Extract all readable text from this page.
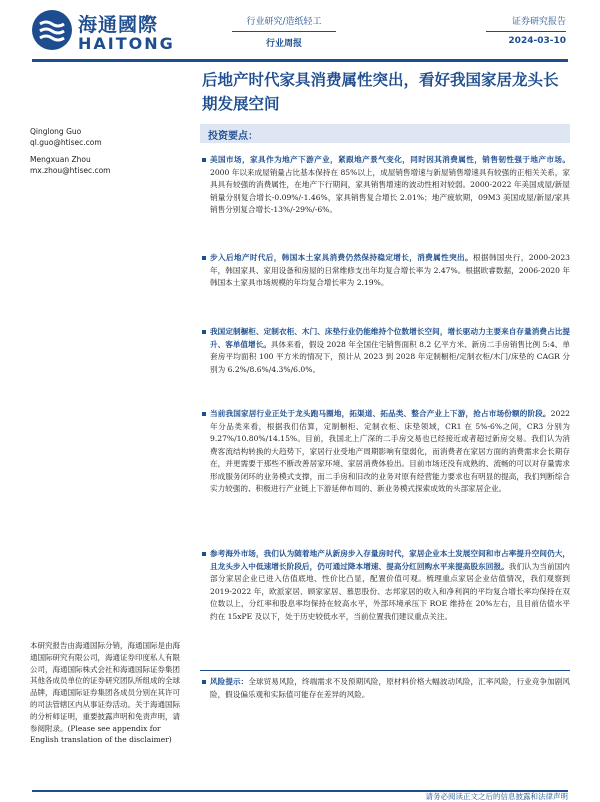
海通國際
HAITONG
行业研究/造纸轻工
行业周报
证券研究报告
2024-03-10
后地产时代家具消费属性突出，看好我国家居龙头长期发展空间
Qinglong Guo
ql.guo@htisec.com
Mengxuan Zhou
mx.zhou@htisec.com
投资要点：
美国市场，家具作为地产下游产业，紧跟地产景气变化，同时因其消费属性，销售韧性强于地产市场。2000 年以来成屋销量占比基本保持在 85%以上，成屋销售增速与新屋销售增速具有较强的正相关关系，家具具有较强的消费属性，在地产下行期间，家具销售增速的波动性相对较弱。2000-2022 年美国成屋/新屋销量分别复合增长-0.09%/-1.46%，家具销售复合增长 2.01%；地产疲软期，09M3 美国成屋/新屋/家具销售分别复合增长-13%/-29%/-6%。
步入后地产时代后，韩国本土家具消费仍然保持稳定增长，消费属性突出。根据韩国央行，2000-2023 年，韩国家具、家用设备和房屋的日常维修支出年均复合增长率为 2.47%。根据欧睿数据，2006-2020 年韩国本土家具市场规模的年均复合增长率为 2.19%。
我国定制橱柜、定制衣柜、木门、床垫行业仍能维持个位数增长空间，增长驱动力主要来自存量消费占比提升、客单值增长。具体来看，假设 2028 年全国住宅销售面积 8.2 亿平方米、新房二手房销售比例 5:4、单套房平均面积 100 平方米的情况下，预计从 2023 到 2028 年定制橱柜/定制衣柜/木门/床垫的 CAGR 分别为 6.2%/8.6%/4.3%/6.0%。
当前我国家居行业正处于龙头跑马圈地，拓渠道、拓品类、整合产业上下游，抢占市场份额的阶段。2022 年分品类来看，根据我们估算，定制橱柜、定制衣柜、床垫领域，CR1 在 5%-6%之间，CR3 分别为 9.27%/10.80%/14.15%。目前，我国北上广深的二手房交易也已经接近或者超过新房交易。我们认为消费客流结构转换的大趋势下，家居行业受地产周期影响有望弱化，而消费者在家居方面的消费需求会长期存在，并更需要于那些不断改善居家环境、家居消费体验出。目前市场还没有成熟的、流畅的可以对存量需求形成服务闭环的业务模式支撑，而二手房和旧改的业务对原有经营能力要求也有明显的提高，我们判断综合实力较强的、积极进行产业链上下游延伸布局的、新业务模式探索成效的头部家居企业。
参考海外市场，我们认为随着地产从新房步入存量房时代，家居企业本土发展空间和市占率提升空间仍大，且龙头步入中低速增长阶段后，仍可通过降本增速、提高分红回购水平来提高股东回报。我们认为当前国内部分家居企业已进入估值底地、性价比凸显，配置价值可观。梳理重点家居企业估值情况，我们观察到 2019-2022 年，欧派家居、顾家家居、慕思股份、志邦家居的收入和净利润的平均复合增长率均保持在双位数以上，分红率和股息率均保持在较高水平，外部环境承压下 ROE 维持在 20%左右，且目前估值水平约在 15xPE 及以下，处于历史较低水平，当前位置我们建议重点关注。
风险提示：全球贸易风险，终端需求不及预期风险，原材料价格大幅波动风险，汇率风险，行业竞争加剧风险，假设偏乐观和实际值可能存在差异的风险。
本研究报告由海通国际分销，海通国际是由海通国际研究有限公司，海通证券印度私人有限公司，海通国际株式会社和海通国际证券集团其他各成员单位的证券研究团队所组成的全球品牌，海通国际证券集团各成员分别在其许可的司法管辖区内从事证券活动。关于海通国际的分析师证明，重要披露声明和免责声明，请参阅附录。(Please see appendix for English translation of the disclaimer)
请务必阅读正文之后的信息披露和法律声明
